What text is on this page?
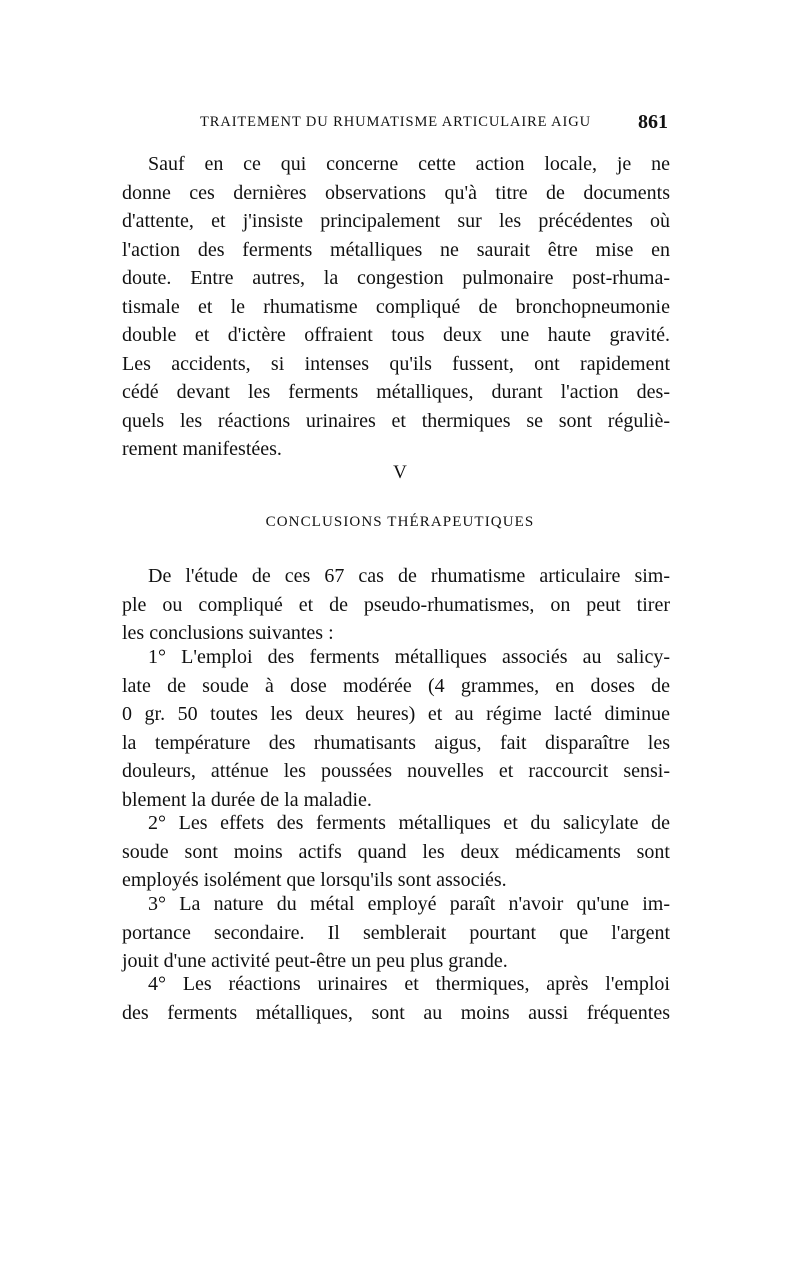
TRAITEMENT DU RHUMATISME ARTICULAIRE AIGU 861
Sauf en ce qui concerne cette action locale, je ne
donne ces dernières observations qu'à titre de documents
d'attente, et j'insiste principalement sur les précédentes où
l'action des ferments métalliques ne saurait être mise en
doute. Entre autres, la congestion pulmonaire post-rhuma-
tismale et le rhumatisme compliqué de bronchopneumonie
double et d'ictère offraient tous deux une haute gravité.
Les accidents, si intenses qu'ils fussent, ont rapidement
cédé devant les ferments métalliques, durant l'action des-
quels les réactions urinaires et thermiques se sont réguliè-
rement manifestées.
V
CONCLUSIONS THÉRAPEUTIQUES
De l'étude de ces 67 cas de rhumatisme articulaire sim-
ple ou compliqué et de pseudo-rhumatismes, on peut tirer
les conclusions suivantes :
1° L'emploi des ferments métalliques associés au salicy-
late de soude à dose modérée (4 grammes, en doses de
0 gr. 50 toutes les deux heures) et au régime lacté diminue
la température des rhumatisants aigus, fait disparaître les
douleurs, atténue les poussées nouvelles et raccourcit sensi-
blement la durée de la maladie.
2° Les effets des ferments métalliques et du salicylate de
soude sont moins actifs quand les deux médicaments sont
employés isolément que lorsqu'ils sont associés.
3° La nature du métal employé paraît n'avoir qu'une im-
portance secondaire. Il semblerait pourtant que l'argent
jouit d'une activité peut-être un peu plus grande.
4° Les réactions urinaires et thermiques, après l'emploi
des ferments métalliques, sont au moins aussi fréquentes
